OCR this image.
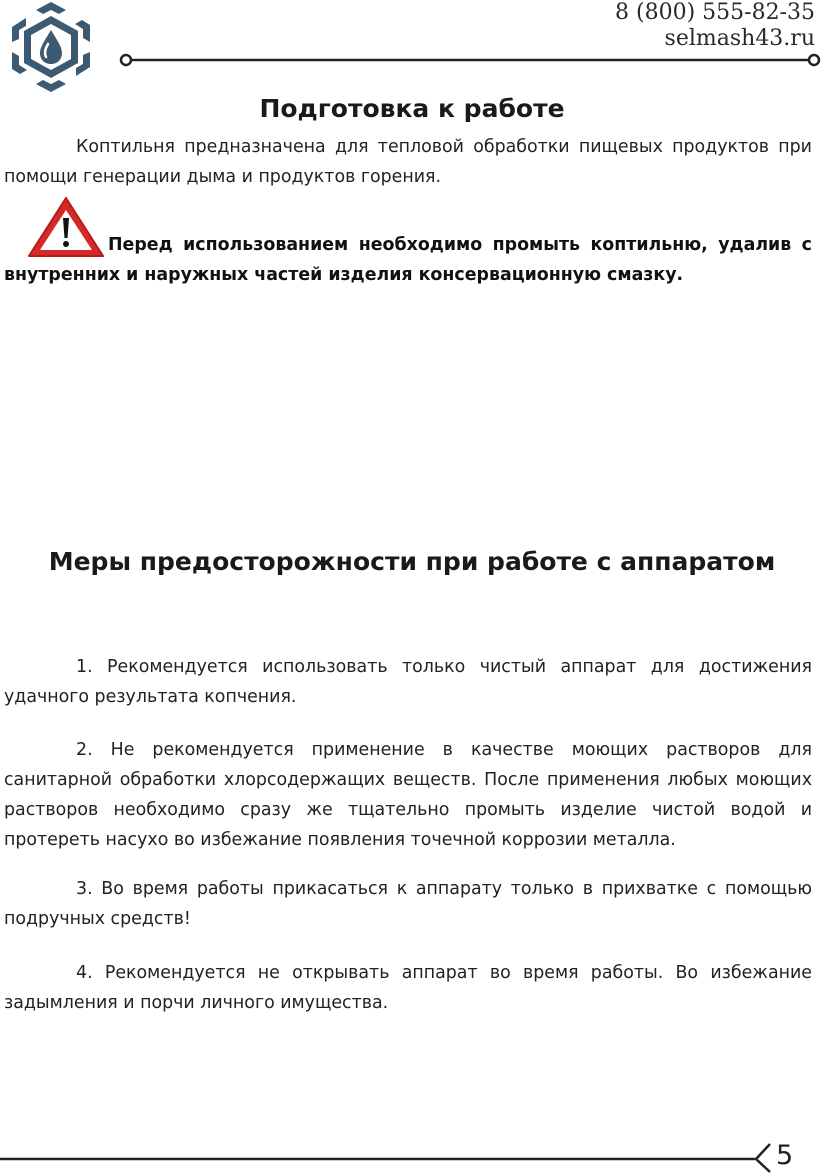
8 (800) 555-82-35
selmash43.ru
Подготовка к работе

Коптильня предназначена для тепловой обработки пищевых продуктов при помощи генерации дыма и продуктов горения.

Перед использованием необходимо промыть коптильню, удалив с внутренних и наружных частей изделия консервационную смазку.

Меры предосторожности при работе с аппаратом

1. Рекомендуется использовать только чистый аппарат для достижения удачного результата копчения.

2. Не рекомендуется применение в качестве моющих растворов для санитарной обработки хлорсодержащих веществ. После применения любых моющих растворов необходимо сразу же тщательно промыть изделие чистой водой и протереть насухо во избежание появления точечной коррозии металла.

3. Во время работы прикасаться к аппарату только в прихватке с помощью подручных средств!

4. Рекомендуется не открывать аппарат во время работы. Во избежание задымления и порчи личного имущества.

5
